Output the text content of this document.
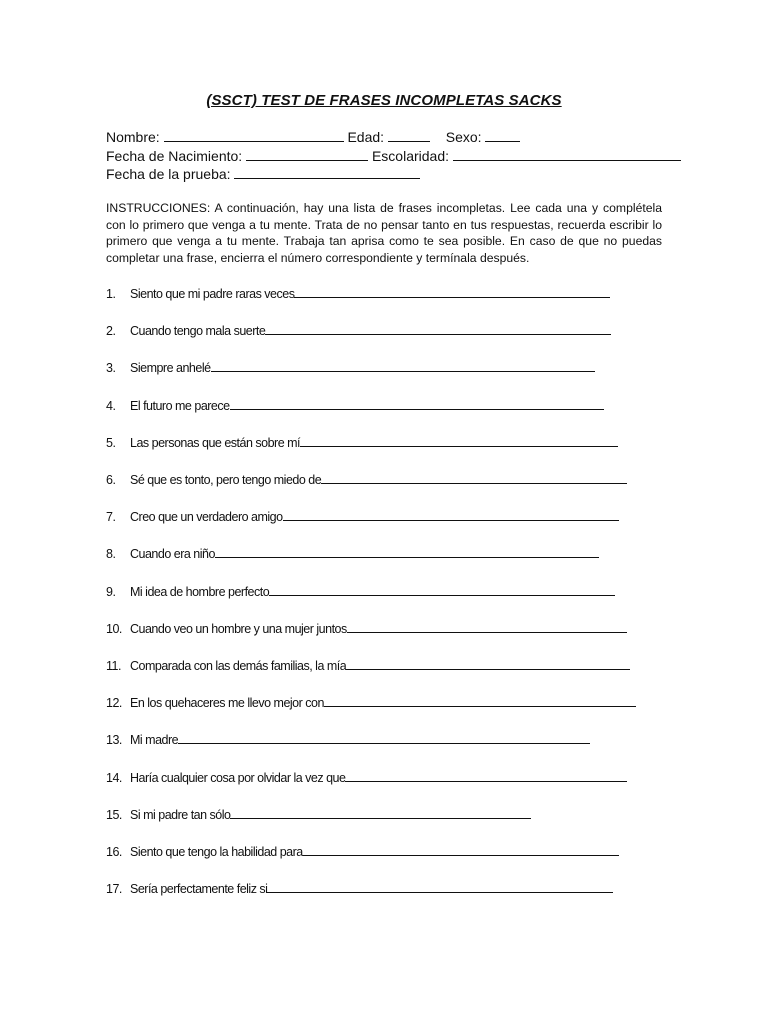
(SSCT) TEST DE FRASES INCOMPLETAS SACKS
Nombre:	Edad:	Sexo:
Fecha de Nacimiento:	Escolaridad:
Fecha de la prueba:
INSTRUCCIONES: A continuación, hay una lista de frases incompletas. Lee cada una y complétela con lo primero que venga a tu mente. Trata de no pensar tanto en tus respuestas, recuerda escribir lo primero que venga a tu mente. Trabaja tan aprisa como te sea posible. En caso de que no puedas completar una frase, encierra el número correspondiente y termínala después.
1. Siento que mi padre raras veces
2. Cuando tengo mala suerte
3. Siempre anhelé
4. El futuro me parece
5. Las personas que están sobre mí
6. Sé que es tonto, pero tengo miedo de
7. Creo que un verdadero amigo
8. Cuando era niño
9. Mi idea de hombre perfecto
10. Cuando veo un hombre y una mujer juntos
11. Comparada con las demás familias, la mía
12. En los quehaceres me llevo mejor con
13. Mi madre
14. Haría cualquier cosa por olvidar la vez que
15. Si mi padre tan sólo
16. Siento que tengo la habilidad para
17. Sería perfectamente feliz si
